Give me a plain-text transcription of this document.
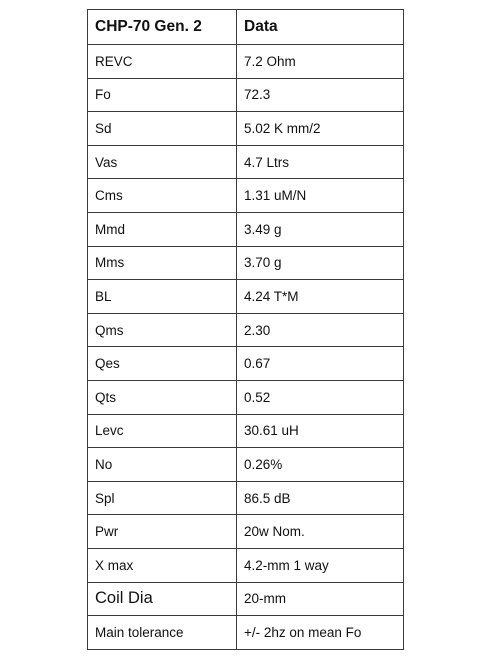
CHP-70 Gen. 2	Data
REVC	7.2 Ohm
Fo	72.3
Sd	5.02 K mm/2
Vas	4.7 Ltrs
Cms	1.31 uM/N
Mmd	3.49 g
Mms	3.70 g
BL	4.24 T*M
Qms	2.30
Qes	0.67
Qts	0.52
Levc	30.61 uH
No	0.26%
Spl	86.5 dB
Pwr	20w Nom.
X max	4.2-mm 1 way
Coil Dia	20-mm
Main tolerance	+/- 2hz on mean Fo
